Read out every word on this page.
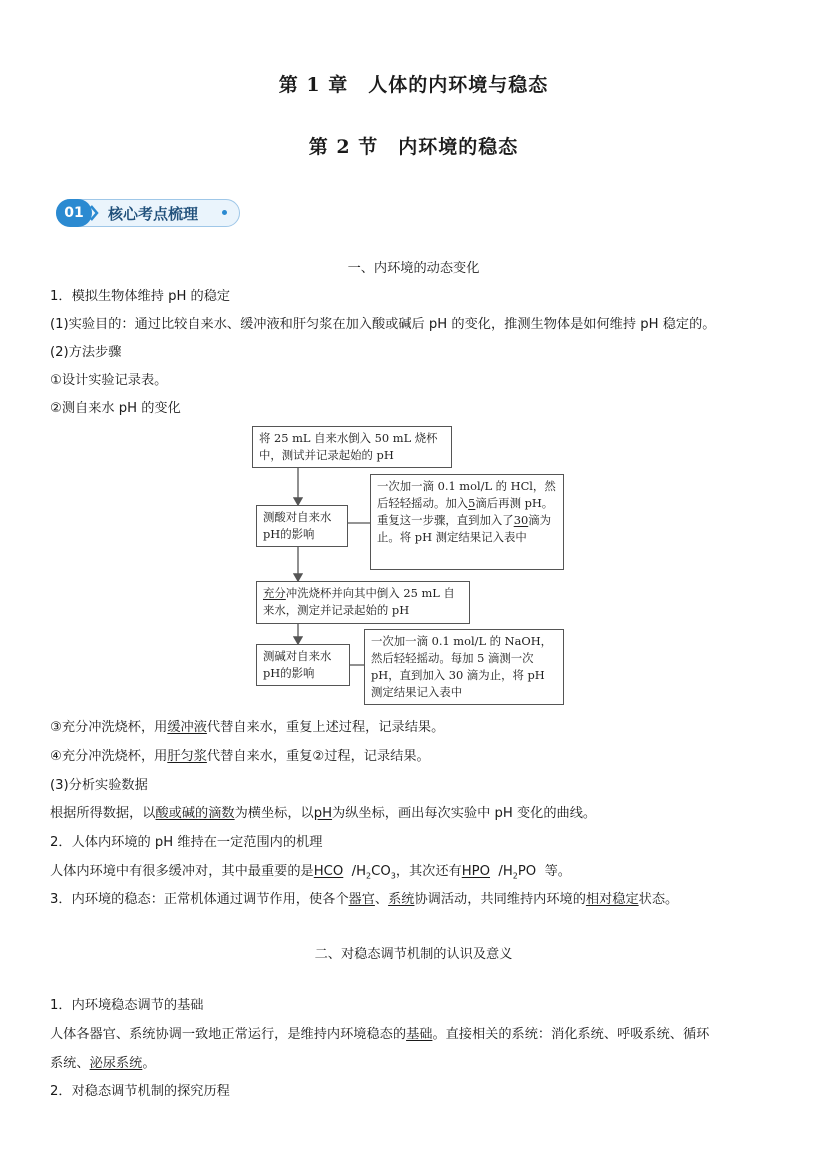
第 1 章　人体的内环境与稳态
第 2 节　内环境的稳态
01	核心考点梳理
一、内环境的动态变化
1．模拟生物体维持 pH 的稳定
(1)实验目的：通过比较自来水、缓冲液和肝匀浆在加入酸或碱后 pH 的变化，推测生物体是如何维持 pH 稳定的。
(2)方法步骤
①设计实验记录表。
②测自来水 pH 的变化
将 25 mL 自来水倒入 50 mL 烧杯中，测试并记录起始的 pH
测酸对自来水pH的影响
一次加一滴 0.1 mol/L 的 HCl，然后轻轻摇动。加入5滴后再测 pH。重复这一步骤，直到加入了30滴为止。将 pH 测定结果记入表中
充分冲洗烧杯并向其中倒入 25 mL 自来水，测定并记录起始的 pH
测碱对自来水pH的影响
一次加一滴 0.1 mol/L 的 NaOH，然后轻轻摇动。每加 5 滴测一次 pH，直到加入 30 滴为止，将 pH 测定结果记入表中
③充分冲洗烧杯，用缓冲液代替自来水，重复上述过程，记录结果。
④充分冲洗烧杯，用肝匀浆代替自来水，重复②过程，记录结果。
(3)分析实验数据
根据所得数据，以酸或碱的滴数为横坐标，以pH为纵坐标，画出每次实验中 pH 变化的曲线。
2．人体内环境的 pH 维持在一定范围内的机理
人体内环境中有很多缓冲对，其中最重要的是HCO $/H_2CO_3$，其次还有HPO $/H_2PO$ 等。
3．内环境的稳态：正常机体通过调节作用，使各个器官、系统协调活动，共同维持内环境的相对稳定状态。
二、对稳态调节机制的认识及意义
1．内环境稳态调节的基础
人体各器官、系统协调一致地正常运行，是维持内环境稳态的基础。直接相关的系统：消化系统、呼吸系统、循环
系统、泌尿系统。
2．对稳态调节机制的探究历程
